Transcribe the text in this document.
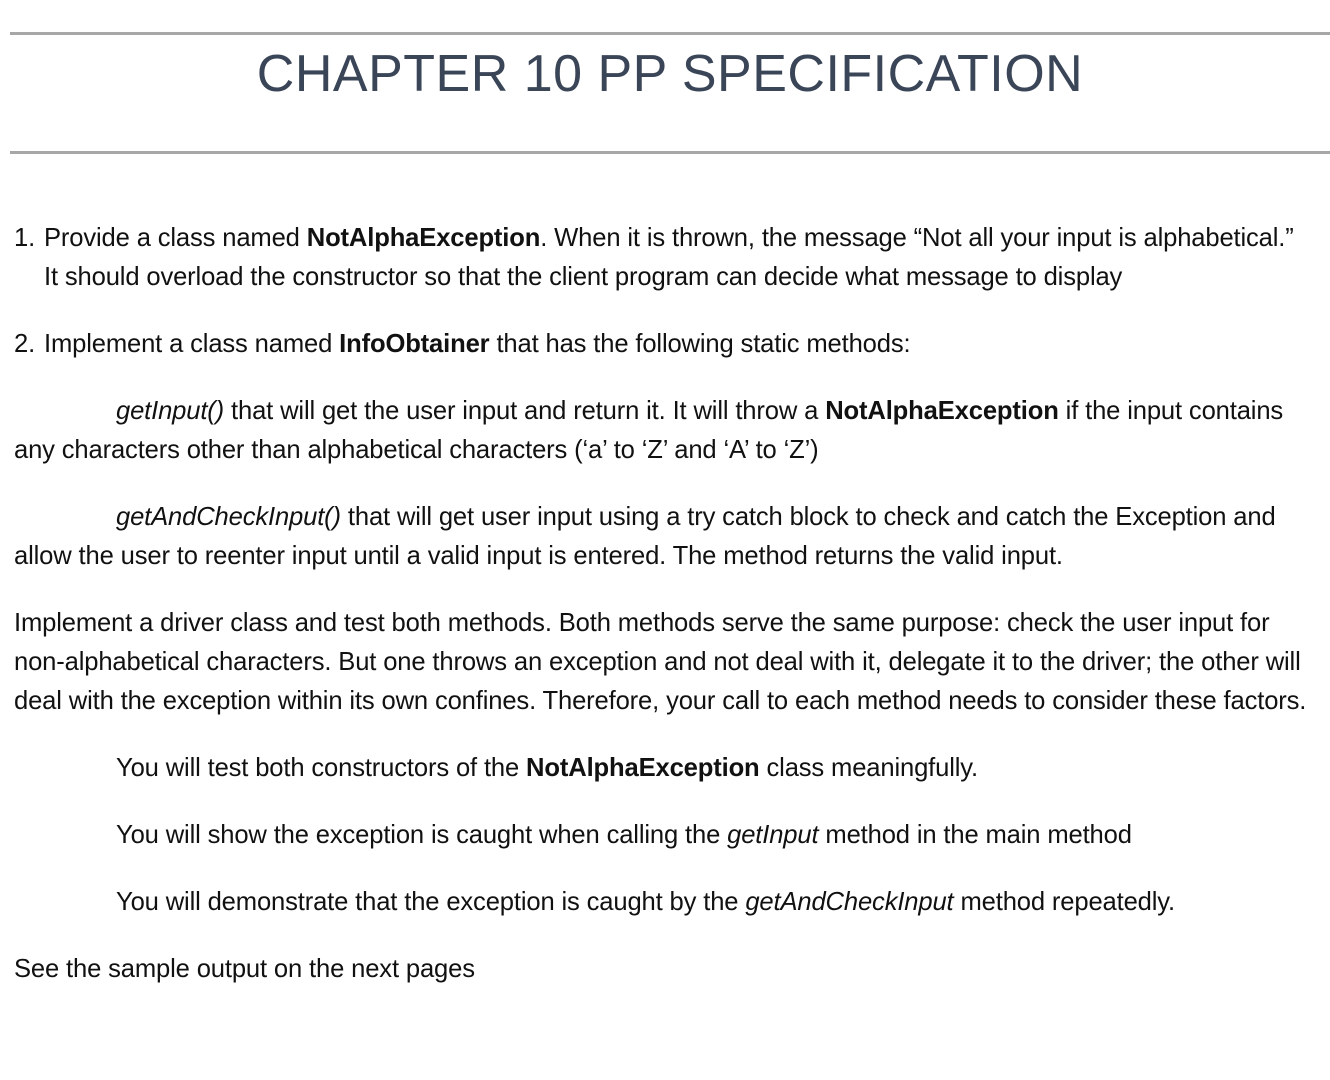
CHAPTER 10 PP SPECIFICATION
1. Provide a class named NotAlphaException. When it is thrown, the message “Not all your input is alphabetical.” It should overload the constructor so that the client program can decide what message to display

2. Implement a class named InfoObtainer that has the following static methods:

getInput() that will get the user input and return it. It will throw a NotAlphaException if the input contains any characters other than alphabetical characters (‘a’ to ‘Z’ and ‘A’ to ‘Z’)

getAndCheckInput() that will get user input using a try catch block to check and catch the Exception and allow the user to reenter input until a valid input is entered. The method returns the valid input.

Implement a driver class and test both methods. Both methods serve the same purpose: check the user input for non-alphabetical characters. But one throws an exception and not deal with it, delegate it to the driver; the other will deal with the exception within its own confines. Therefore, your call to each method needs to consider these factors.

You will test both constructors of the NotAlphaException class meaningfully.

You will show the exception is caught when calling the getInput method in the main method

You will demonstrate that the exception is caught by the getAndCheckInput method repeatedly.

See the sample output on the next pages
